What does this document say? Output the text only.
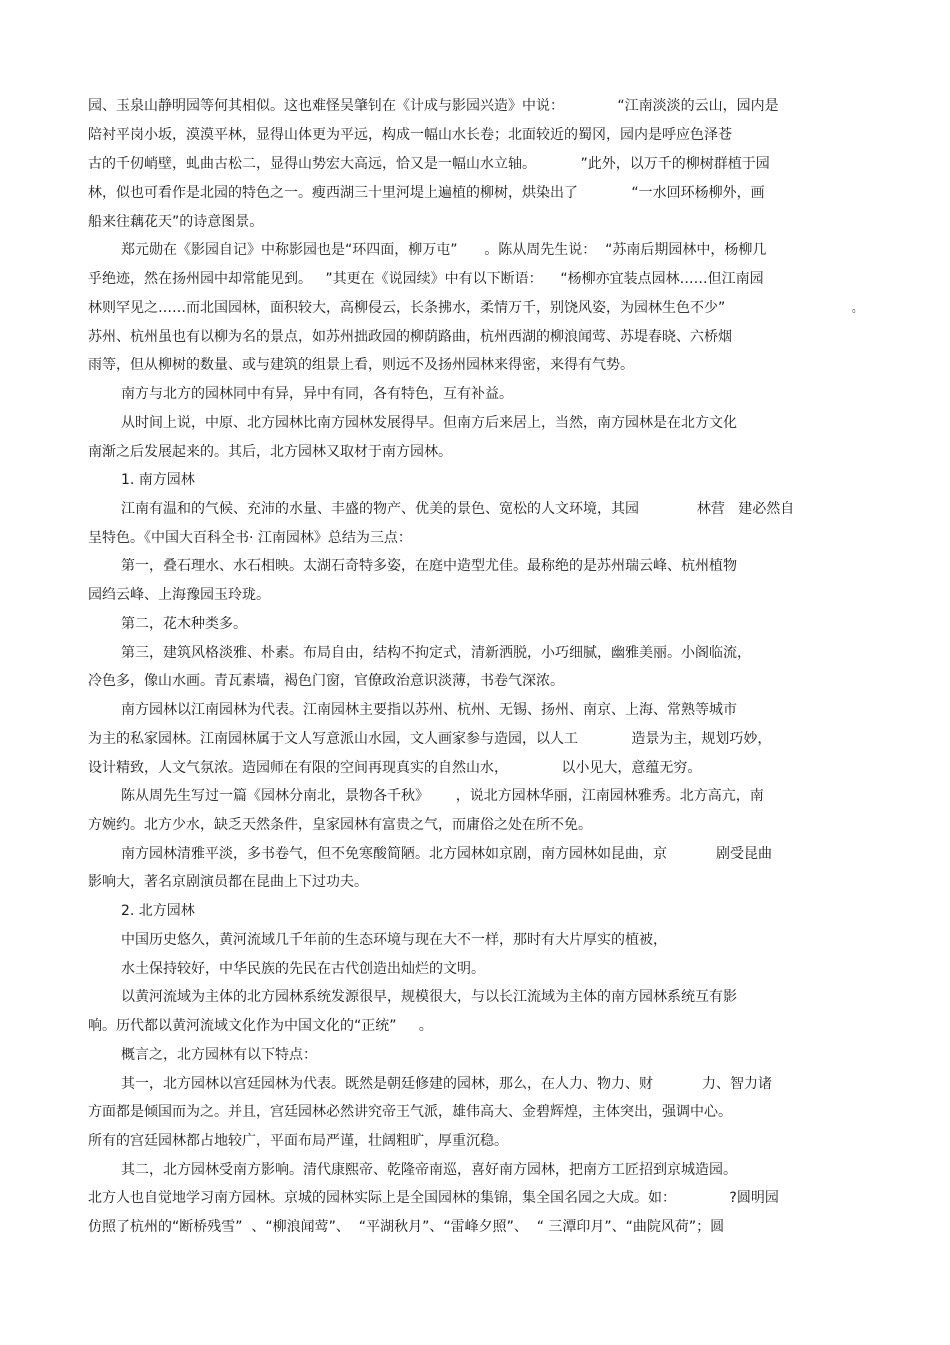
园、玉泉山静明园等何其相似。这也难怪吴肇钊在《计成与影园兴造》中说：            “江南淡淡的云山，园内是
陪衬平岗小坂，漠漠平林，显得山体更为平远，构成一幅山水长卷；北面较近的蜀冈，园内是呼应色泽苍
古的千仞峭壁，虬曲古松二，显得山势宏大高远，恰又是一幅山水立轴。          ”此外，以万千的柳树群植于园
林，似也可看作是北园的特色之一。瘦西湖三十里河堤上遍植的柳树，烘染出了            “一水回环杨柳外，画
船来往藕花天”的诗意图景。
郑元勋在《影园自记》中称影园也是“环四面，柳万屯”      。陈从周先生说：  “苏南后期园林中，杨柳几
乎绝迹，然在扬州园中却常能见到。   ”其更在《说园续》中有以下断语：    “杨柳亦宜装点园林……但江南园
林则罕见之……而北国园林，面积较大，高柳侵云，长条拂水，柔情万千，别饶风姿，为园林生色不少”	。
苏州、杭州虽也有以柳为名的景点，如苏州拙政园的柳荫路曲，杭州西湖的柳浪闻莺、苏堤春晓、六桥烟
雨等，但从柳树的数量、或与建筑的组景上看，则远不及扬州园林来得密，来得有气势。
南方与北方的园林同中有异，异中有同，各有特色，互有补益。
从时间上说，中原、北方园林比南方园林发展得早。但南方后来居上，当然，南方园林是在北方文化
南渐之后发展起来的。其后，北方园林又取材于南方园林。
1. 南方园林
江南有温和的气候、充沛的水量、丰盛的物产、优美的景色、宽松的人文环境，其园             林营   建必然自
呈特色。《中国大百科全书· 江南园林》总结为三点：
第一，叠石理水、水石相映。太湖石奇特多姿，在庭中造型尤佳。最称绝的是苏州瑞云峰、杭州植物
园绉云峰、上海豫园玉玲珑。
第二，花木种类多。
第三，建筑风格淡雅、朴素。布局自由，结构不拘定式，清新洒脱，小巧细腻，幽雅美丽。小阁临流，
冷色多，像山水画。青瓦素墙，褐色门窗，官僚政治意识淡薄，书卷气深浓。
南方园林以江南园林为代表。江南园林主要指以苏州、杭州、无锡、扬州、南京、上海、常熟等城市
为主的私家园林。江南园林属于文人写意派山水园，文人画家参与造园，以人工            造景为主，规划巧妙，
设计精致，人文气氛浓。造园师在有限的空间再现真实的自然山水，            以小见大，意蕴无穷。
陈从周先生写过一篇《园林分南北，景物各千秋》      ，说北方园林华丽，江南园林雅秀。北方高亢，南
方婉约。北方少水，缺乏天然条件，皇家园林有富贵之气，而庸俗之处在所不免。
南方园林清雅平淡，多书卷气，但不免寒酸简陋。北方园林如京剧，南方园林如昆曲，京           剧受昆曲
影响大，著名京剧演员都在昆曲上下过功夫。
2. 北方园林
中国历史悠久，黄河流域几千年前的生态环境与现在大不一样，那时有大片厚实的植被，
水土保持较好，中华民族的先民在古代创造出灿烂的文明。
以黄河流域为主体的北方园林系统发源很早，规模很大，与以长江流域为主体的南方园林系统互有影
响。历代都以黄河流域文化作为中国文化的“正统”     。
概言之，北方园林有以下特点：
其一，北方园林以宫廷园林为代表。既然是朝廷修建的园林，那么，在人力、物力、财           力、智力诸
方面都是倾国而为之。并且，宫廷园林必然讲究帝王气派，雄伟高大、金碧辉煌，主体突出，强调中心。
所有的宫廷园林都占地较广，平面布局严谨，壮阔粗旷，厚重沉稳。
其二，北方园林受南方影响。清代康熙帝、乾隆帝南巡，喜好南方园林，把南方工匠招到京城造园。
北方人也自觉地学习南方园林。京城的园林实际上是全国园林的集锦，集全国名园之大成。如：            ?圆明园
仿照了杭州的“断桥残雪”  、“柳浪闻莺”、  “平湖秋月”、“雷峰夕照”、  “ 三潭印月”、“曲院风荷”；圆
